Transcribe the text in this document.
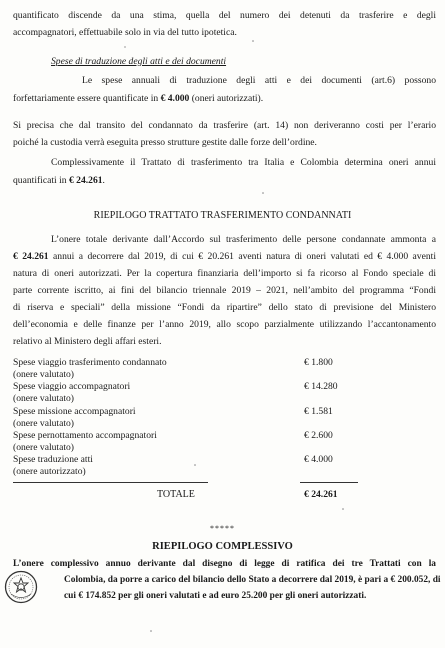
quantificato discende da una stima, quella del numero dei detenuti da trasferire e degli
accompagnatori, effettuabile solo in via del tutto ipotetica.
Spese di traduzione degli atti e dei documenti
Le spese annuali di traduzione degli atti e dei documenti (art.6) possono
forfettariamente essere quantificate in € 4.000 (oneri autorizzati).
Si precisa che dal transito del condannato da trasferire (art. 14) non deriveranno costi per l’erario
poiché la custodia verrà eseguita presso strutture gestite dalle forze dell’ordine.
Complessivamente il Trattato di trasferimento tra Italia e Colombia determina oneri annui
quantificati in € 24.261.
RIEPILOGO TRATTATO TRASFERIMENTO CONDANNATI
L’onere totale derivante dall’Accordo sul trasferimento delle persone condannate ammonta a
€ 24.261 annui a decorrere dal 2019, di cui € 20.261 aventi natura di oneri valutati ed € 4.000 aventi
natura di oneri autorizzati. Per la copertura finanziaria dell’importo si fa ricorso al Fondo speciale di
parte corrente iscritto, ai fini del bilancio triennale 2019 – 2021, nell’ambito del programma “Fondi
di riserva e speciali” della missione “Fondi da ripartire” dello stato di previsione del Ministero
dell’economia e delle finanze per l’anno 2019, allo scopo parzialmente utilizzando l’accantonamento
relativo al Ministero degli affari esteri.
Spese viaggio trasferimento condannato
(onere valutato)
€ 1.800
Spese viaggio accompagnatori
(onere valutato)
€ 14.280
Spese missione accompagnatori
(onere valutato)
€ 1.581
Spese pernottamento accompagnatori
(onere valutato)
€ 2.600
Spese traduzione atti
(onere autorizzato)
€ 4.000
TOTALE	€ 24.261
*****
RIEPILOGO COMPLESSIVO
L’onere complessivo annuo derivante dal disegno di legge di ratifica dei tre Trattati con la
Colombia, da porre a carico del bilancio dello Stato a decorrere dal 2019, è pari a € 200.052, di
cui € 174.852 per gli oneri valutati e ad euro 25.200 per gli oneri autorizzati.
